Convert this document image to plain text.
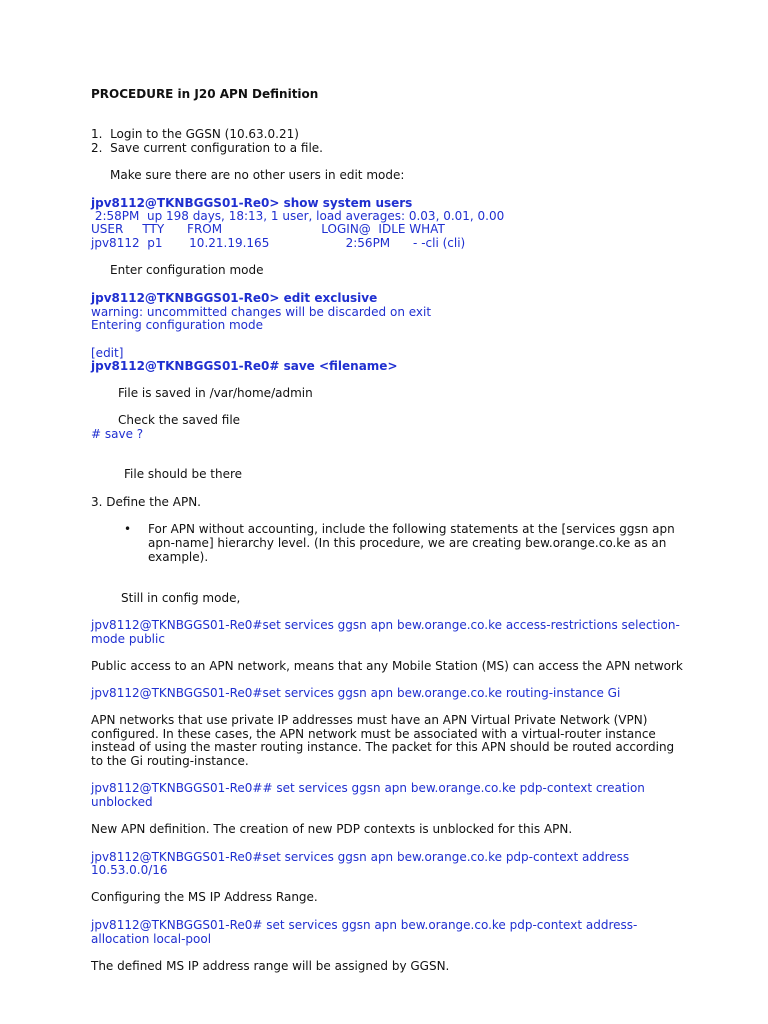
PROCEDURE in J20 APN Definition
1.  Login to the GGSN (10.63.0.21)
2.  Save current configuration to a file.
Make sure there are no other users in edit mode:
jpv8112@TKNBGGS01-Re0> show system users
2:58PM  up 198 days, 18:13, 1 user, load averages: 0.03, 0.01, 0.00
USER     TTY      FROM                          LOGIN@  IDLE WHAT
jpv8112  p1       10.21.19.165                    2:56PM      - -cli (cli)
Enter configuration mode
jpv8112@TKNBGGS01-Re0> edit exclusive
warning: uncommitted changes will be discarded on exit
Entering configuration mode
[edit]
jpv8112@TKNBGGS01-Re0# save <filename>
File is saved in /var/home/admin
Check the saved file
# save ?
File should be there
3. Define the APN.
• For APN without accounting, include the following statements at the [services ggsn apn
apn-name] hierarchy level. (In this procedure, we are creating bew.orange.co.ke as an
example).
Still in config mode,
jpv8112@TKNBGGS01-Re0#set services ggsn apn bew.orange.co.ke access-restrictions selection-
mode public
Public access to an APN network, means that any Mobile Station (MS) can access the APN network
jpv8112@TKNBGGS01-Re0#set services ggsn apn bew.orange.co.ke routing-instance Gi
APN networks that use private IP addresses must have an APN Virtual Private Network (VPN)
configured. In these cases, the APN network must be associated with a virtual-router instance
instead of using the master routing instance. The packet for this APN should be routed according
to the Gi routing-instance.
jpv8112@TKNBGGS01-Re0## set services ggsn apn bew.orange.co.ke pdp-context creation
unblocked
New APN definition. The creation of new PDP contexts is unblocked for this APN.
jpv8112@TKNBGGS01-Re0#set services ggsn apn bew.orange.co.ke pdp-context address
10.53.0.0/16
Configuring the MS IP Address Range.
jpv8112@TKNBGGS01-Re0# set services ggsn apn bew.orange.co.ke pdp-context address-
allocation local-pool
The defined MS IP address range will be assigned by GGSN.
